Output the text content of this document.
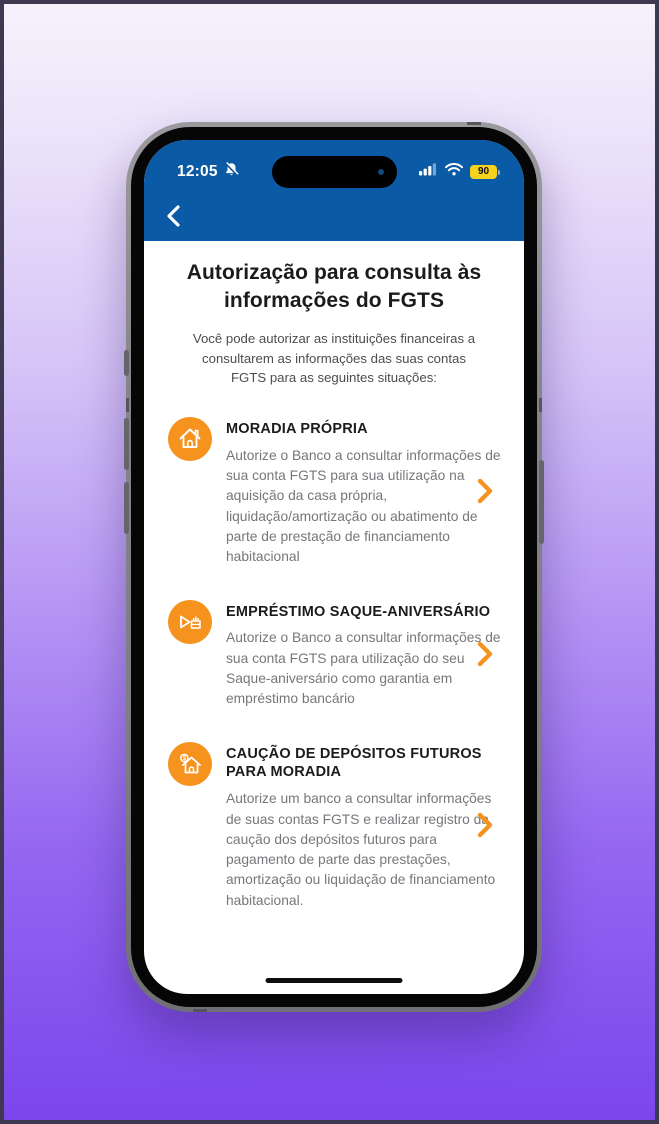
12:05	90
Autorização para consulta às informações do FGTS

Você pode autorizar as instituições financeiras a consultarem as informações das suas contas FGTS para as seguintes situações:

MORADIA PRÓPRIA
Autorize o Banco a consultar informações de sua conta FGTS para sua utilização na aquisição da casa própria, liquidação/amortização ou abatimento de parte de prestação de financiamento habitacional
EMPRÉSTIMO SAQUE-ANIVERSÁRIO
Autorize o Banco a consultar informações de sua conta FGTS para utilização do seu Saque-aniversário como garantia em empréstimo bancário
$	CAUÇÃO DE DEPÓSITOS FUTUROS PARA MORADIA
Autorize um banco a consultar informações de suas contas FGTS e realizar registro da caução dos depósitos futuros para pagamento de parte das prestações, amortização ou liquidação de financiamento habitacional.
